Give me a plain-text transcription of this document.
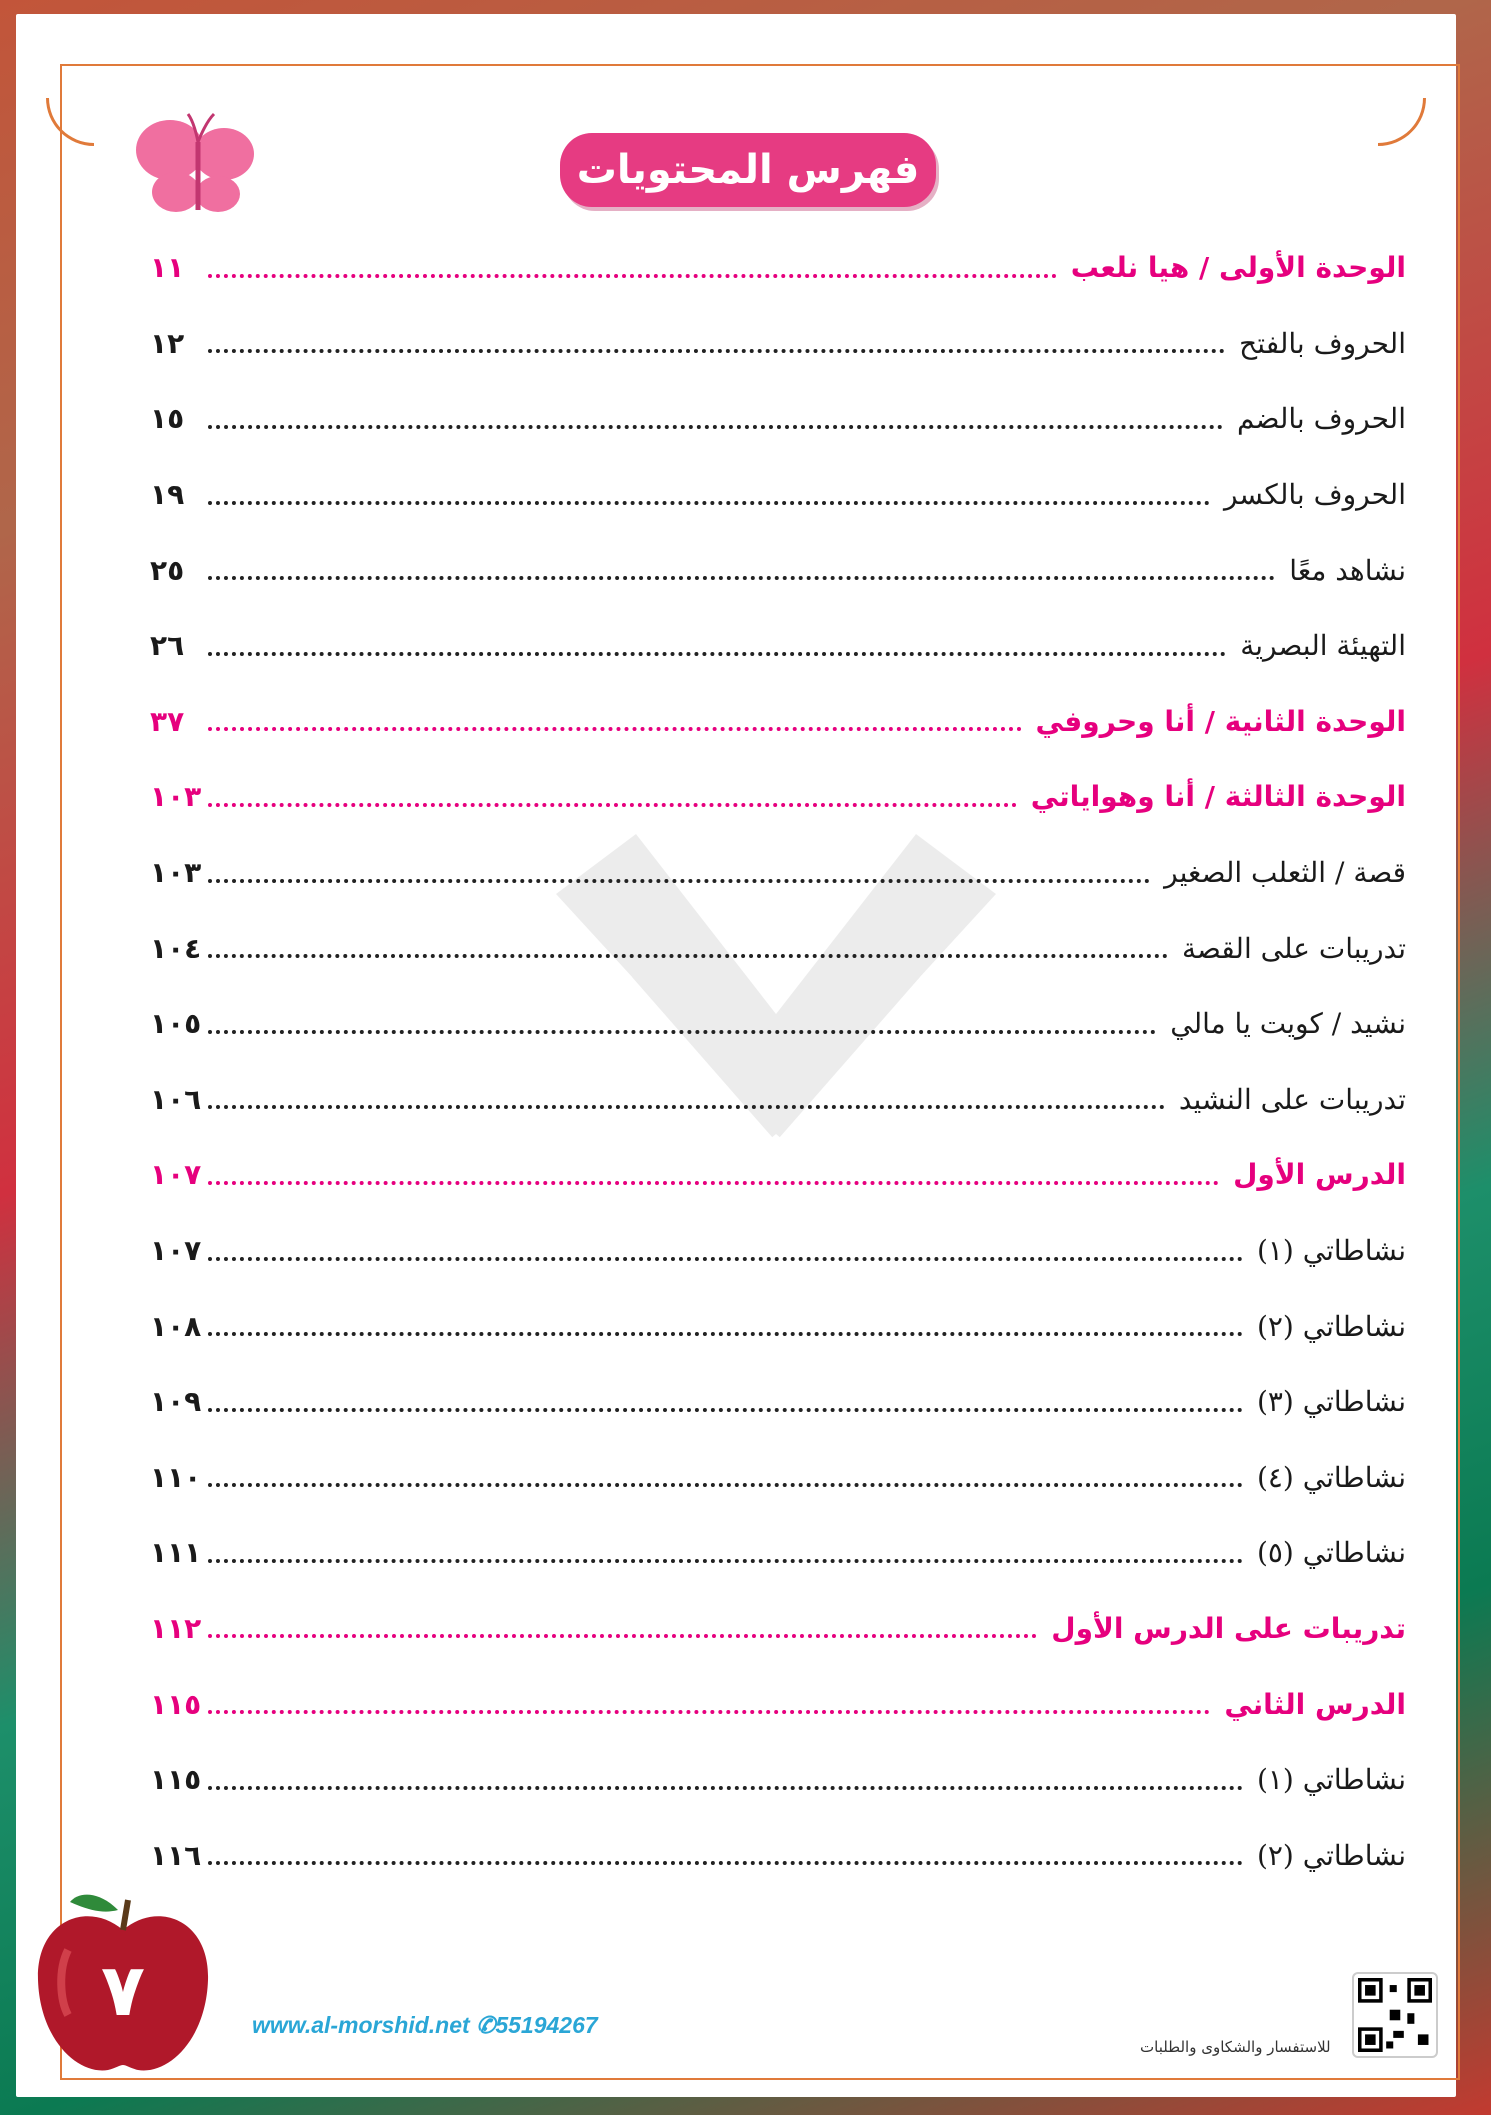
فهرس المحتويات
الوحدة الأولى / هيا نلعب
١١
الحروف بالفتح
١٢
الحروف بالضم
١٥
الحروف بالكسر
١٩
نشاهد معًا
٢٥
التهيئة البصرية
٢٦
الوحدة الثانية / أنا وحروفي
٣٧
الوحدة الثالثة / أنا وهواياتي
١٠٣
قصة / الثعلب الصغير
١٠٣
تدريبات على القصة
١٠٤
نشيد / كويت يا مالي
١٠٥
تدريبات على النشيد
١٠٦
الدرس الأول
١٠٧
نشاطاتي (١)
١٠٧
نشاطاتي (٢)
١٠٨
نشاطاتي (٣)
١٠٩
نشاطاتي (٤)
١١٠
نشاطاتي (٥)
١١١
تدريبات على الدرس الأول
١١٢
الدرس الثاني
١١٥
نشاطاتي (١)
١١٥
نشاطاتي (٢)
١١٦
٧	www.al-morshid.net ✆55194267
للاستفسار والشكاوى والطلبات
